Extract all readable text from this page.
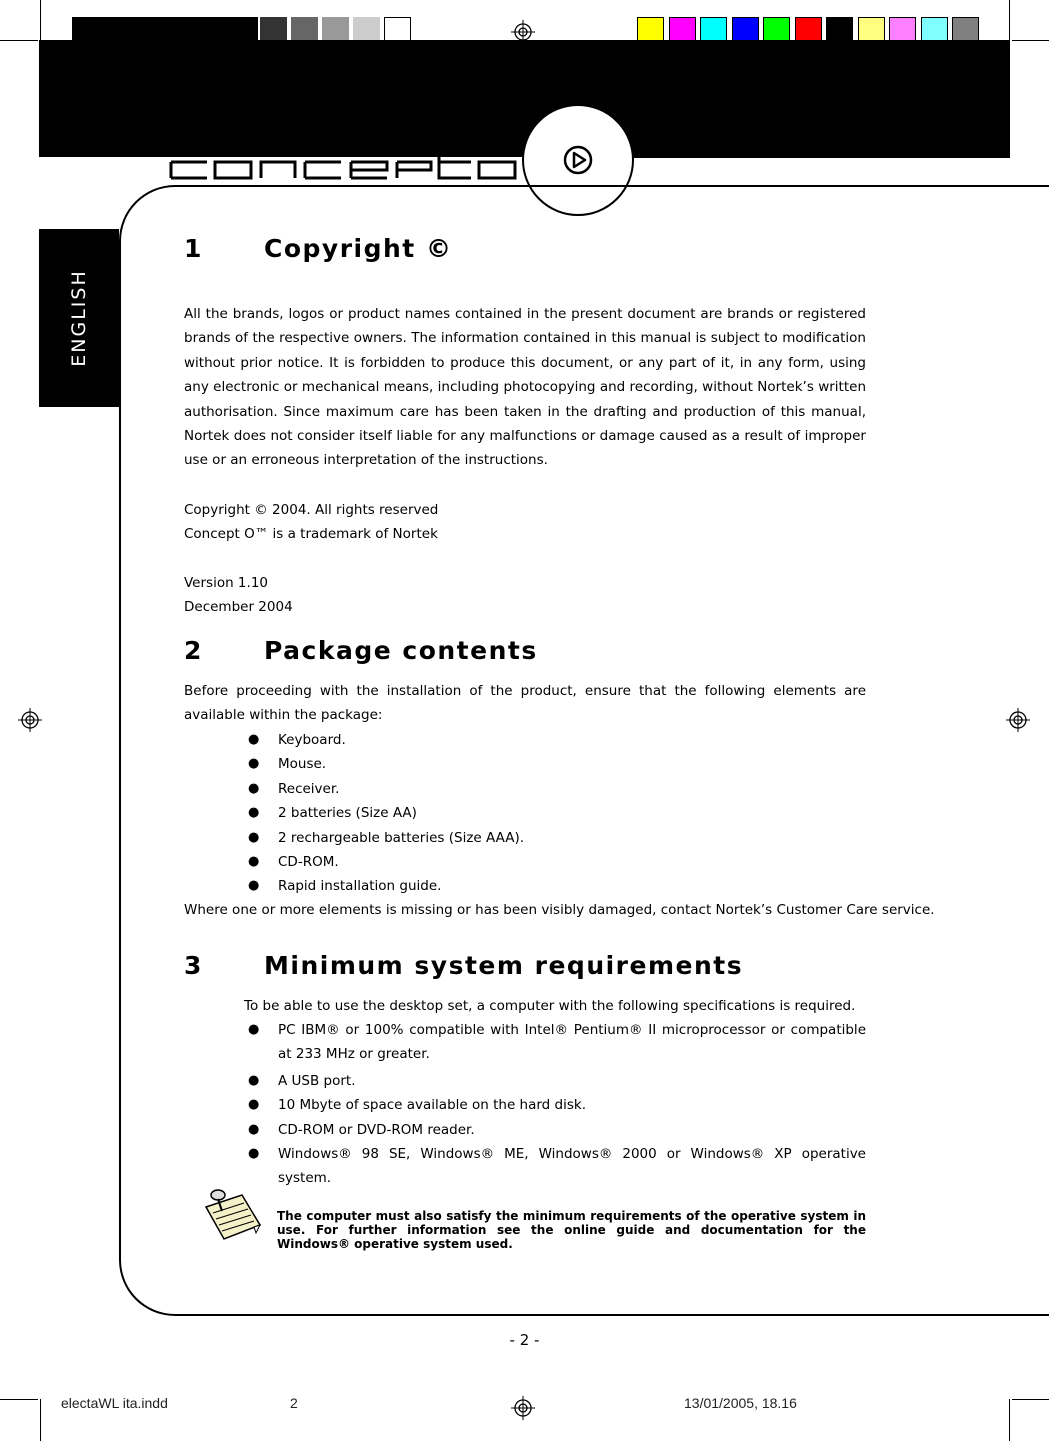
concepto
ENGLISH
1 Copyright ©
All the brands, logos or product names contained in the present document are brands or registered brands of the respective owners. The information contained in this manual is subject to modification without prior notice. It is forbidden to produce this document, or any part of it, in any form, using any electronic or mechanical means, including photocopying and recording, without Nortek’s written authorisation. Since maximum care has been taken in the drafting and production of this manual, Nortek does not consider itself liable for any malfunctions or damage caused as a result of improper use or an erroneous interpretation of the instructions.
Copyright © 2004. All rights reserved
Concept O™ is a trademark of Nortek
Version 1.10
December 2004
2 Package contents
Before proceeding with the installation of the product, ensure that the following elements are available within the package:
● Keyboard.
● Mouse.
● Receiver.
● 2 batteries (Size AA)
● 2 rechargeable batteries (Size AAA).
● CD-ROM.
● Rapid installation guide.
Where one or more elements is missing or has been visibly damaged, contact Nortek’s Customer Care service.
3 Minimum system requirements
To be able to use the desktop set, a computer with the following specifications is required.
● PC IBM® or 100% compatible with Intel® Pentium® II microprocessor or compatible at 233 MHz or greater.
● A USB port.
● 10 Mbyte of space available on the hard disk.
● CD-ROM or DVD-ROM reader.
● Windows® 98 SE, Windows® ME, Windows® 2000 or Windows® XP operative system.
The computer must also satisfy the minimum requirements of the operative system in use. For further information see the online guide and documentation for the Windows® operative system used.
- 2 -
electaWL ita.indd	2	13/01/2005, 18.16
